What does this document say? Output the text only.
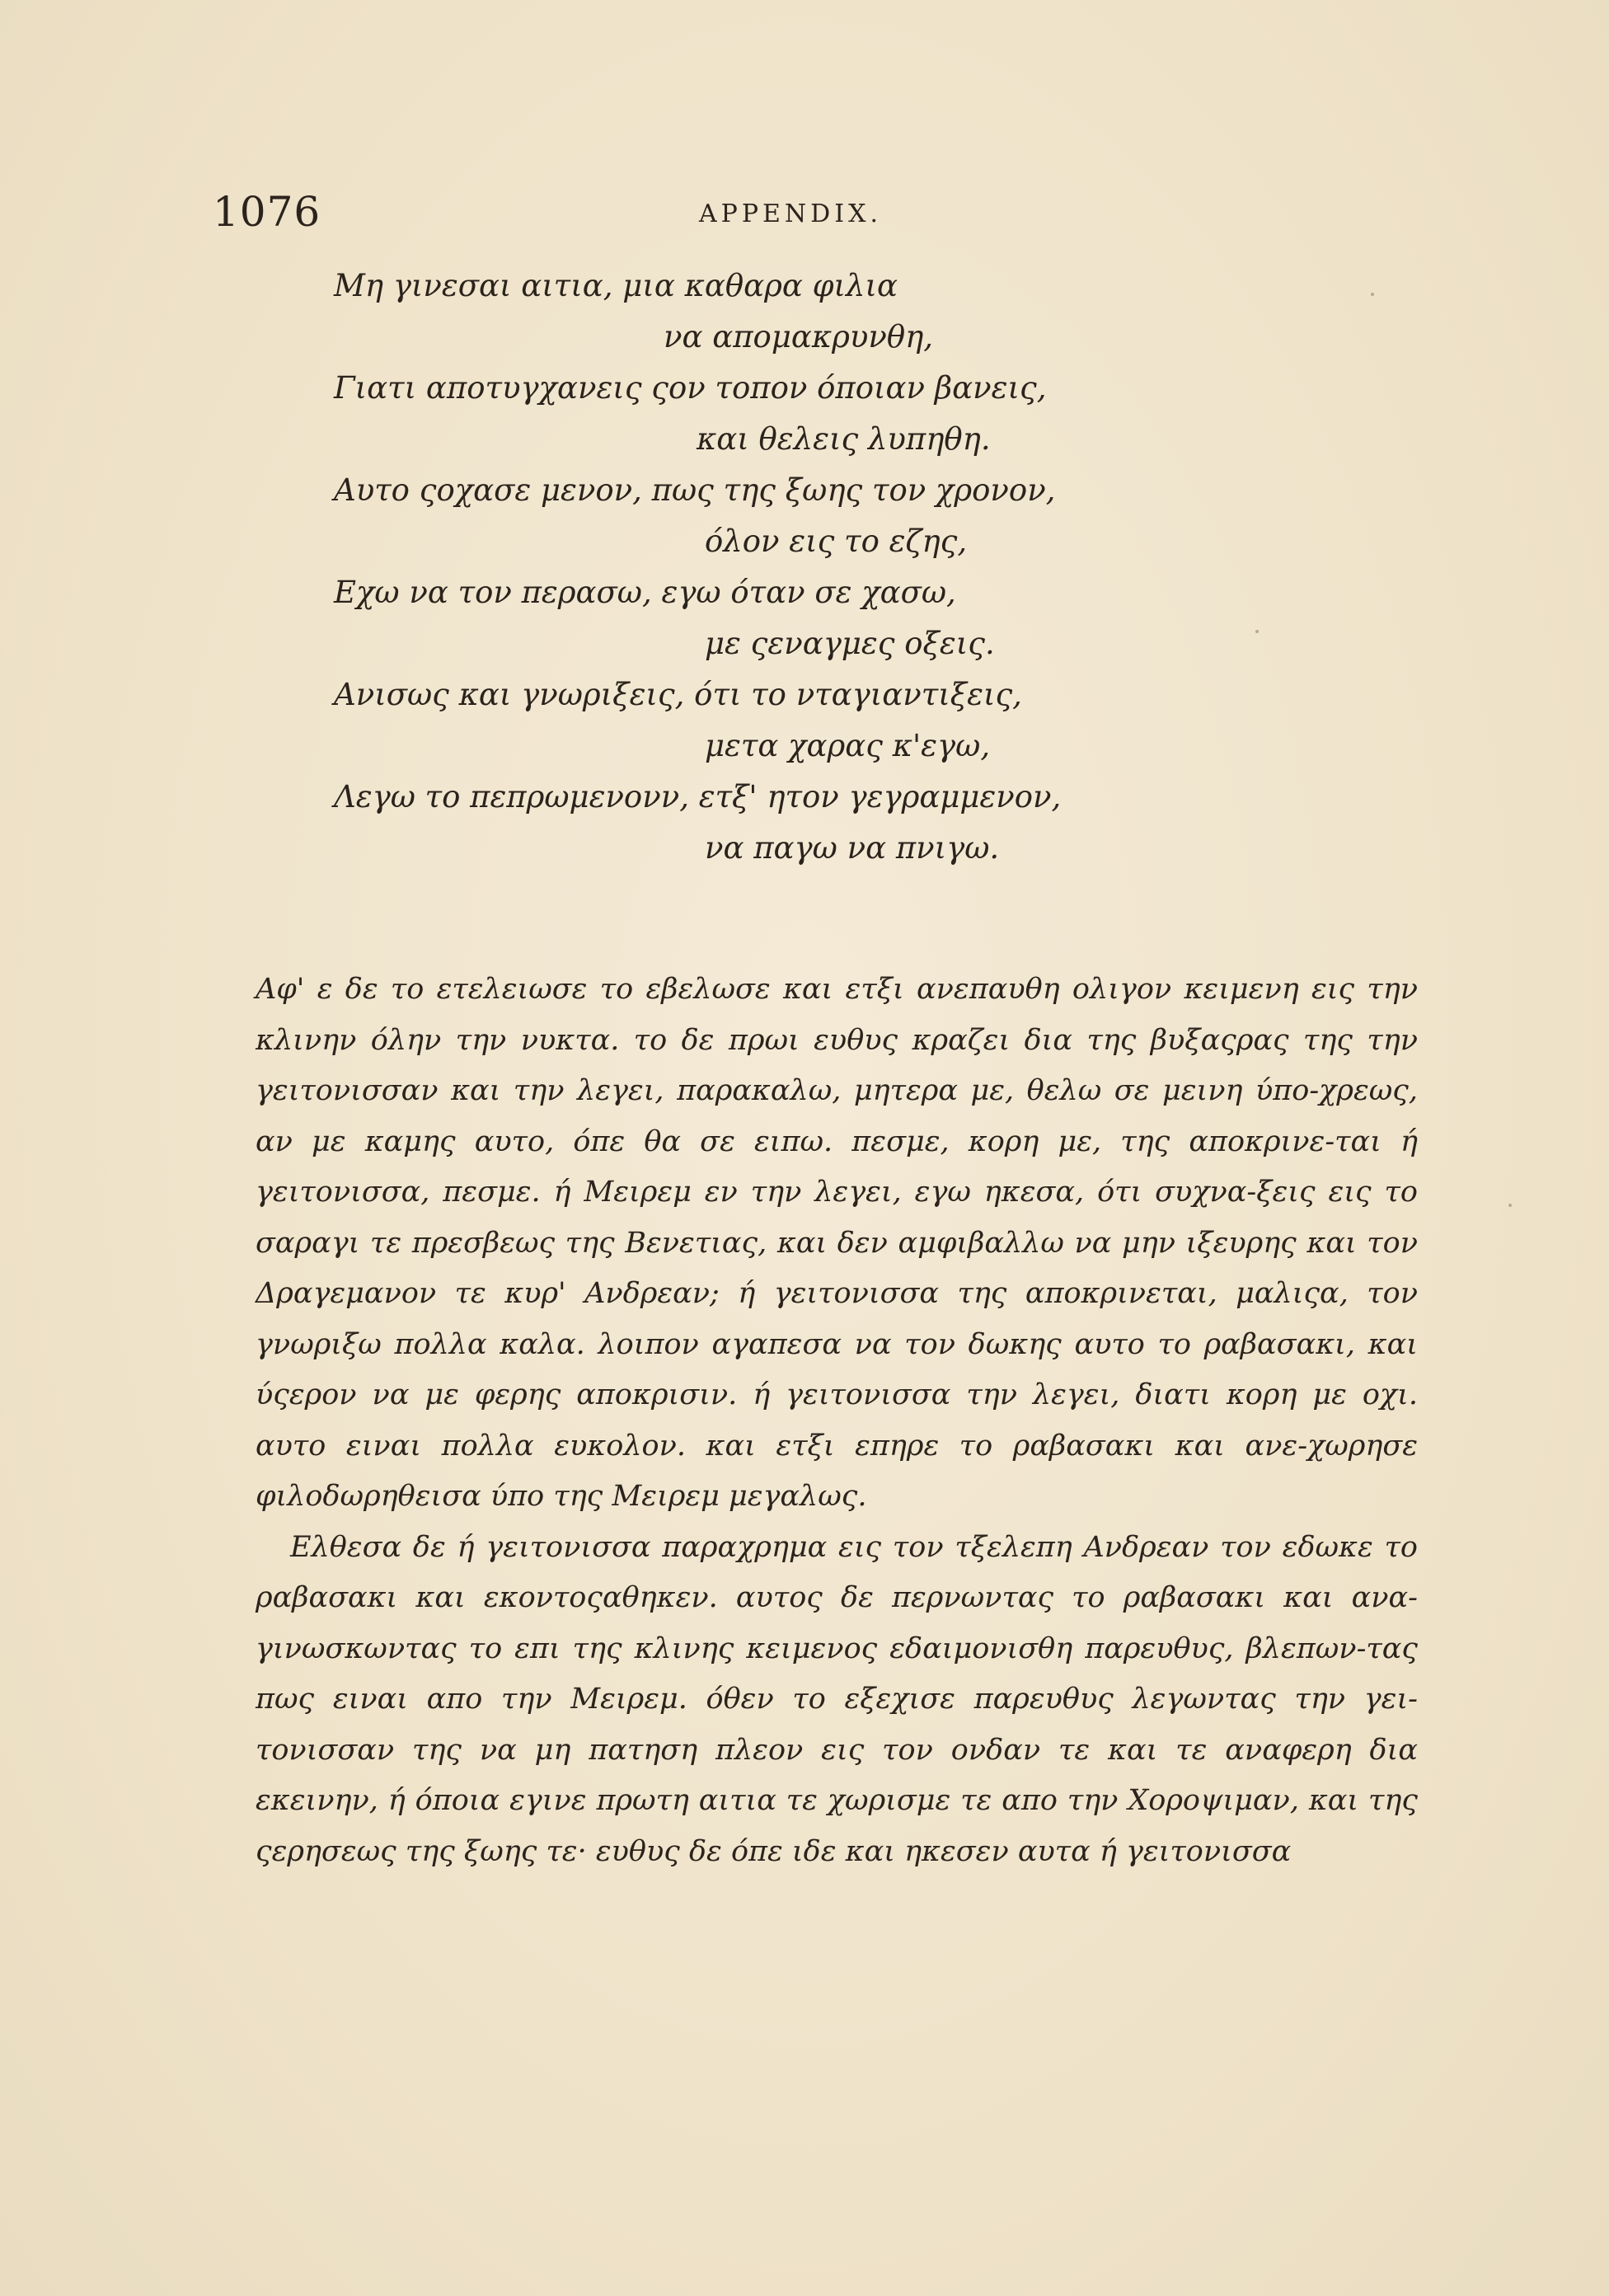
1076	APPENDIX.
Μη γινεσαι αιτια, μια καθαρα φιλια
να απομακρυνθη,
Γιατι αποτυγχανεις ςον τοπον όποιαν βανεις,
και θελεις λυπηθη.
Αυτο ςοχασε μενον, πως της ξωης τον χρονον,
όλον εις το εζης,
Εχω να τον περασω, εγω όταν σε χασω,
με ςεναγμες οξεις.
Ανισως και γνωριξεις, ότι το νταγιαντιξεις,
μετα χαρας κ'εγω,
Λεγω το πεπρωμενονν, ετξ' ητον γεγραμμενον,
να παγω να πνιγω.

Αφ' ε δε το ετελειωσε το εβελωσε και ετξι ανεπαυθη ολιγον κειμενη εις την κλινην όλην την νυκτα. το δε πρωι ευθυς κραζει δια της βυξαςρας της την γειτονισσαν και την λεγει, παρακαλω, μητερα με, θελω σε μεινη ύπο-χρεως, αν με καμης αυτο, όπε θα σε ειπω. πεσμε, κορη με, της αποκρινε-ται ή γειτονισσα, πεσμε. ή Μειρεμ εν την λεγει, εγω ηκεσα, ότι συχνα-ξεις εις το σαραγι τε πρεσβεως της Βενετιας, και δεν αμφιβαλλω να μην ιξευρης και τον Δραγεμανον τε κυρ' Ανδρεαν; ή γειτονισσα της αποκρινεται, μαλιςα, τον γνωριξω πολλα καλα. λοιπον αγαπεσα να τον δωκης αυτο το ραβασακι, και ύςερον να με φερης αποκρισιν. ή γειτονισσα την λεγει, διατι κορη με οχι. αυτο ειναι πολλα ευκολον. και ετξι επηρε το ραβασακι και ανε-χωρησε φιλοδωρηθεισα ύπο της Μειρεμ μεγαλως.

Ελθεσα δε ή γειτονισσα παραχρημα εις τον τξελεπη Ανδρεαν τον εδωκε το ραβασακι και εκοντοςαθηκεν. αυτος δε περνωντας το ραβασακι και ανα-γινωσκωντας το επι της κλινης κειμενος εδαιμονισθη παρευθυς, βλεπων-τας πως ειναι απο την Μειρεμ. όθεν το εξεχισε παρευθυς λεγωντας την γει-τονισσαν της να μη πατηση πλεον εις τον ονδαν τε και τε αναφερη δια εκεινην, ή όποια εγινε πρωτη αιτια τε χωρισμε τε απο την Χοροψιμαν, και της ςερησεως της ξωης τε· ευθυς δε όπε ιδε και ηκεσεν αυτα ή γειτονισσα
